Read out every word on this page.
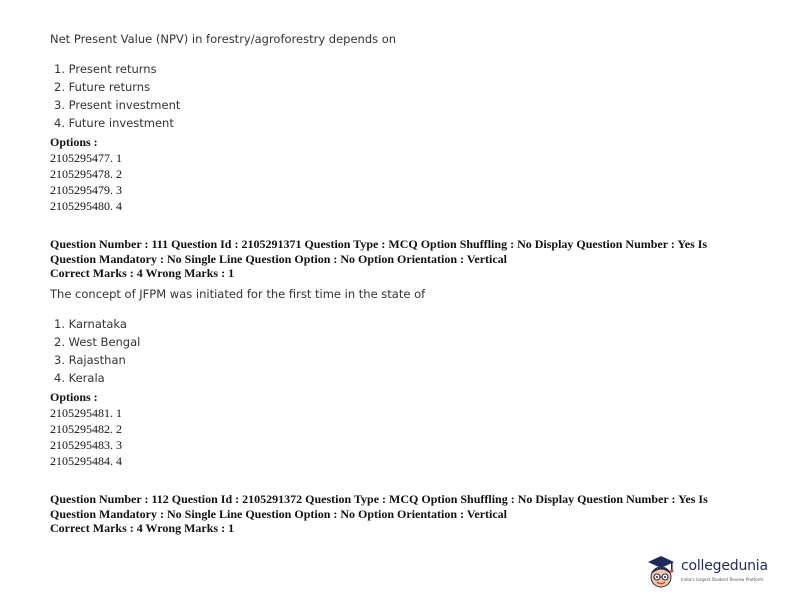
Net Present Value (NPV) in forestry/agroforestry depends on
1. Present returns
2. Future returns
3. Present investment
4. Future investment
Options :
2105295477. 1
2105295478. 2
2105295479. 3
2105295480. 4
Question Number : 111 Question Id : 2105291371 Question Type : MCQ Option Shuffling : No Display Question Number : Yes Is
Question Mandatory : No Single Line Question Option : No Option Orientation : Vertical
Correct Marks : 4 Wrong Marks : 1
The concept of JFPM was initiated for the first time in the state of
1. Karnataka
2. West Bengal
3. Rajasthan
4. Kerala
Options :
2105295481. 1
2105295482. 2
2105295483. 3
2105295484. 4
Question Number : 112 Question Id : 2105291372 Question Type : MCQ Option Shuffling : No Display Question Number : Yes Is
Question Mandatory : No Single Line Question Option : No Option Orientation : Vertical
Correct Marks : 4 Wrong Marks : 1
collegedunia
India's largest Student Review Platform
